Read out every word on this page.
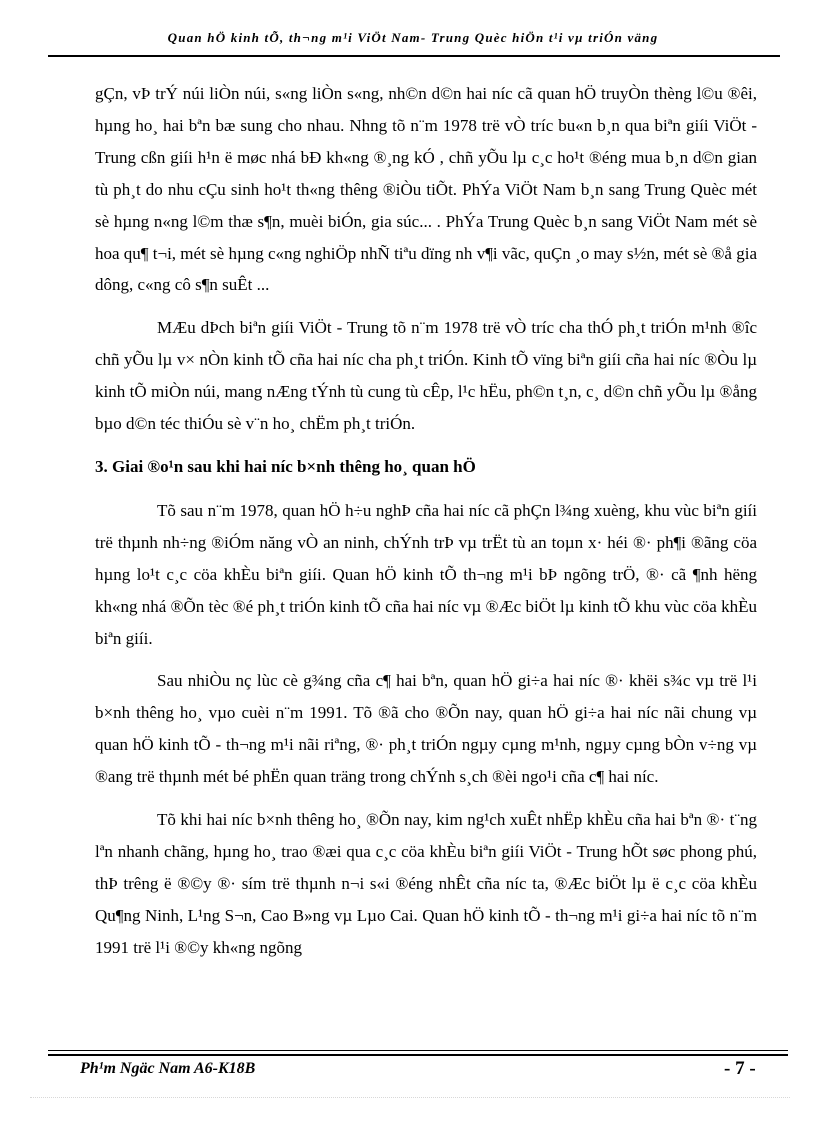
Quan hÖ kinh tÕ, th¬ng m¹i ViÖt Nam- Trung Quèc hiÖn t¹i vµ triÓn väng

gÇn, vÞ trÝ núi liÒn núi, s«ng liÒn s«ng, nh©n d©n hai níc cã quan hÖ truyÒn thèng l©u ®êi, hµng ho¸ hai bªn bæ sung cho nhau. Nhng tõ n¨m 1978 trë vÒ tríc bu«n b¸n qua biªn giíi ViÖt - Trung cßn giíi h¹n ë møc nhá bÐ kh«ng ®¸ng kÓ , chñ yÕu lµ c¸c ho¹t ®éng mua b¸n d©n gian tù ph¸t do nhu cÇu sinh ho¹t th«ng thêng ®iÒu tiÕt. PhÝa ViÖt Nam b¸n sang Trung Quèc mét sè hµng n«ng l©m thæ s¶n, muèi biÓn, gia súc... . PhÝa Trung Quèc b¸n sang ViÖt Nam mét sè hoa qu¶ t¬i, mét sè hµng c«ng nghiÖp nhÑ tiªu dïng nh v¶i vãc, quÇn ¸o may s½n, mét sè ®å gia dông, c«ng cô s¶n suÊt ...

MÆu dÞch biªn giíi ViÖt - Trung tõ n¨m 1978 trë vÒ tríc cha thÓ ph¸t triÓn m¹nh ®îc chñ yÕu lµ v× nÒn kinh tÕ cña hai níc cha ph¸t triÓn. Kinh tÕ vïng biªn giíi cña hai níc ®Òu lµ kinh tÕ miÒn núi, mang nÆng tÝnh tù cung tù cÊp, l¹c hËu, ph©n t¸n, c¸ d©n chñ yÕu lµ ®ång bµo d©n téc thiÓu sè v¨n ho¸ chËm ph¸t triÓn.

3. Giai ®o¹n sau khi hai níc b×nh thêng ho¸ quan hÖ

Tõ sau n¨m 1978, quan hÖ h÷u nghÞ cña hai níc cã phÇn l¾ng xuèng, khu vùc biªn giíi trë thµnh nh÷ng ®iÓm năng vÒ an ninh, chÝnh trÞ vµ trËt tù an toµn x· héi ®· ph¶i ®ãng cöa hµng lo¹t c¸c cöa khÈu biªn giíi. Quan hÖ kinh tÕ th¬ng m¹i bÞ ngõng trÖ, ®· cã ¶nh hëng kh«ng nhá ®Õn tèc ®é ph¸t triÓn kinh tÕ cña hai níc vµ ®Æc biÖt lµ kinh tÕ khu vùc cöa khÈu biªn giíi.

Sau nhiÒu nç lùc cè g¾ng cña c¶ hai bªn, quan hÖ gi÷a hai níc ®· khëi s¾c vµ trë l¹i b×nh thêng ho¸ vµo cuèi n¨m 1991. Tõ ®ã cho ®Õn nay, quan hÖ gi÷a hai níc nãi chung vµ quan hÖ kinh tÕ - th¬ng m¹i nãi riªng, ®· ph¸t triÓn ngµy cµng m¹nh, ngµy cµng bÒn v÷ng vµ ®ang trë thµnh mét bé phËn quan träng trong chÝnh s¸ch ®èi ngo¹i cña c¶ hai níc.

Tõ khi hai níc b×nh thêng ho¸ ®Õn nay, kim ng¹ch xuÊt nhËp khÈu cña hai bªn ®· t¨ng lªn nhanh chãng, hµng ho¸ trao ®æi qua c¸c cöa khÈu biªn giíi ViÖt - Trung hÕt søc phong phú, thÞ trêng ë ®©y ®· sím trë thµnh n¬i s«i ®éng nhÊt cña níc ta, ®Æc biÖt lµ ë c¸c cöa khÈu Qu¶ng Ninh, L¹ng S¬n, Cao B»ng vµ Lµo Cai. Quan hÖ kinh tÕ - th¬ng m¹i gi÷a hai níc tõ n¨m 1991 trë l¹i ®©y kh«ng ngõng

Ph¹m Ngäc Nam A6-K18B	- 7 -
